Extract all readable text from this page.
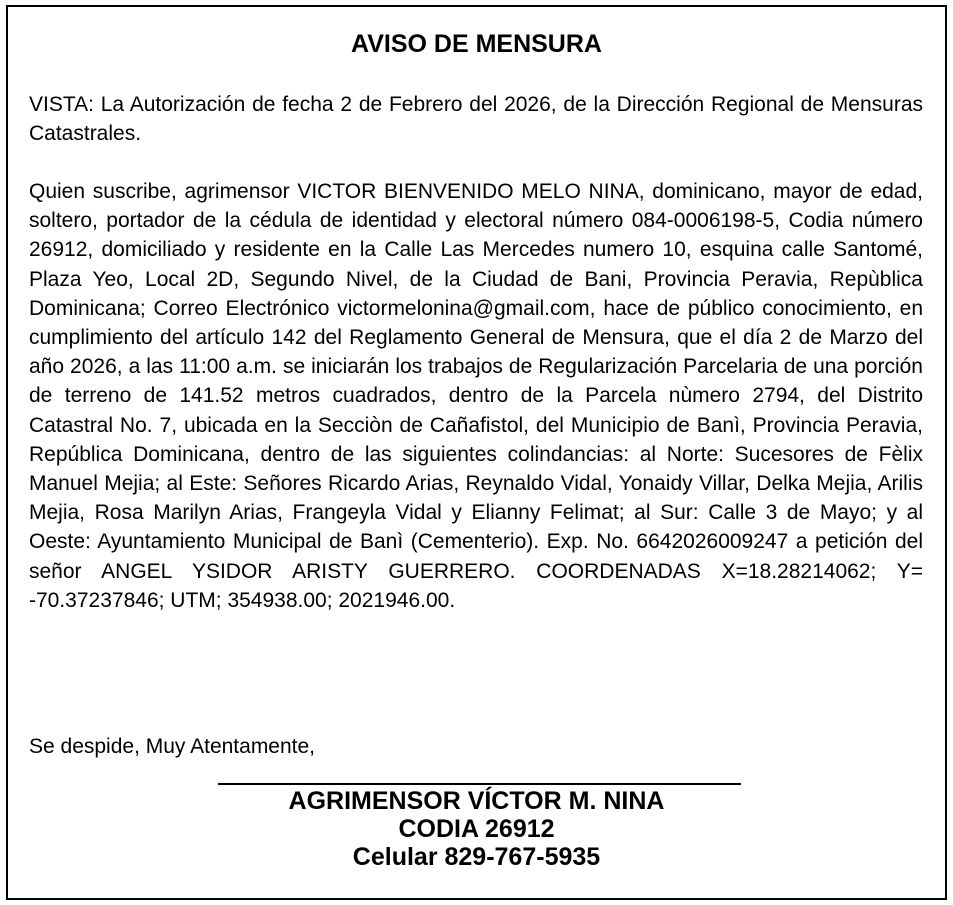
AVISO DE MENSURA

VISTA: La Autorización de fecha 2 de Febrero del 2026, de la Dirección Regional de Mensuras Catastrales.

Quien suscribe, agrimensor VICTOR BIENVENIDO MELO NINA, dominicano, mayor de edad, soltero, portador de la cédula de identidad y electoral número 084-0006198-5, Codia número 26912, domiciliado y residente en la Calle Las Mercedes numero 10, esquina calle Santomé, Plaza Yeo, Local 2D, Segundo Nivel, de la Ciudad de Bani, Provincia Peravia, Repùblica Dominicana; Correo Electrónico victormelonina@gmail.com, hace de público conocimiento, en cumplimiento del artículo 142 del Reglamento General de Mensura, que el día 2 de Marzo del año 2026, a las 11:00 a.m. se iniciarán los trabajos de Regularización Parcelaria de una porción de terreno de 141.52 metros cuadrados, dentro de la Parcela nùmero 2794, del Distrito Catastral No. 7, ubicada en la Secciòn de Cañafistol, del Municipio de Banì, Provincia Peravia, República Dominicana, dentro de las siguientes colindancias: al Norte: Sucesores de Fèlix Manuel Mejia; al Este: Señores Ricardo Arias, Reynaldo Vidal, Yonaidy Villar, Delka Mejia, Arilis Mejia, Rosa Marilyn Arias, Frangeyla Vidal y Elianny Felimat; al Sur: Calle 3 de Mayo; y al Oeste: Ayuntamiento Municipal de Banì (Cementerio). Exp. No. 6642026009247 a petición del señor ANGEL YSIDOR ARISTY GUERRERO. COORDENADAS X=18.28214062; Y= -70.37237846; UTM; 354938.00; 2021946.00.

Se despide, Muy Atentamente,

AGRIMENSOR VÍCTOR M. NINA
CODIA 26912
Celular 829-767-5935
